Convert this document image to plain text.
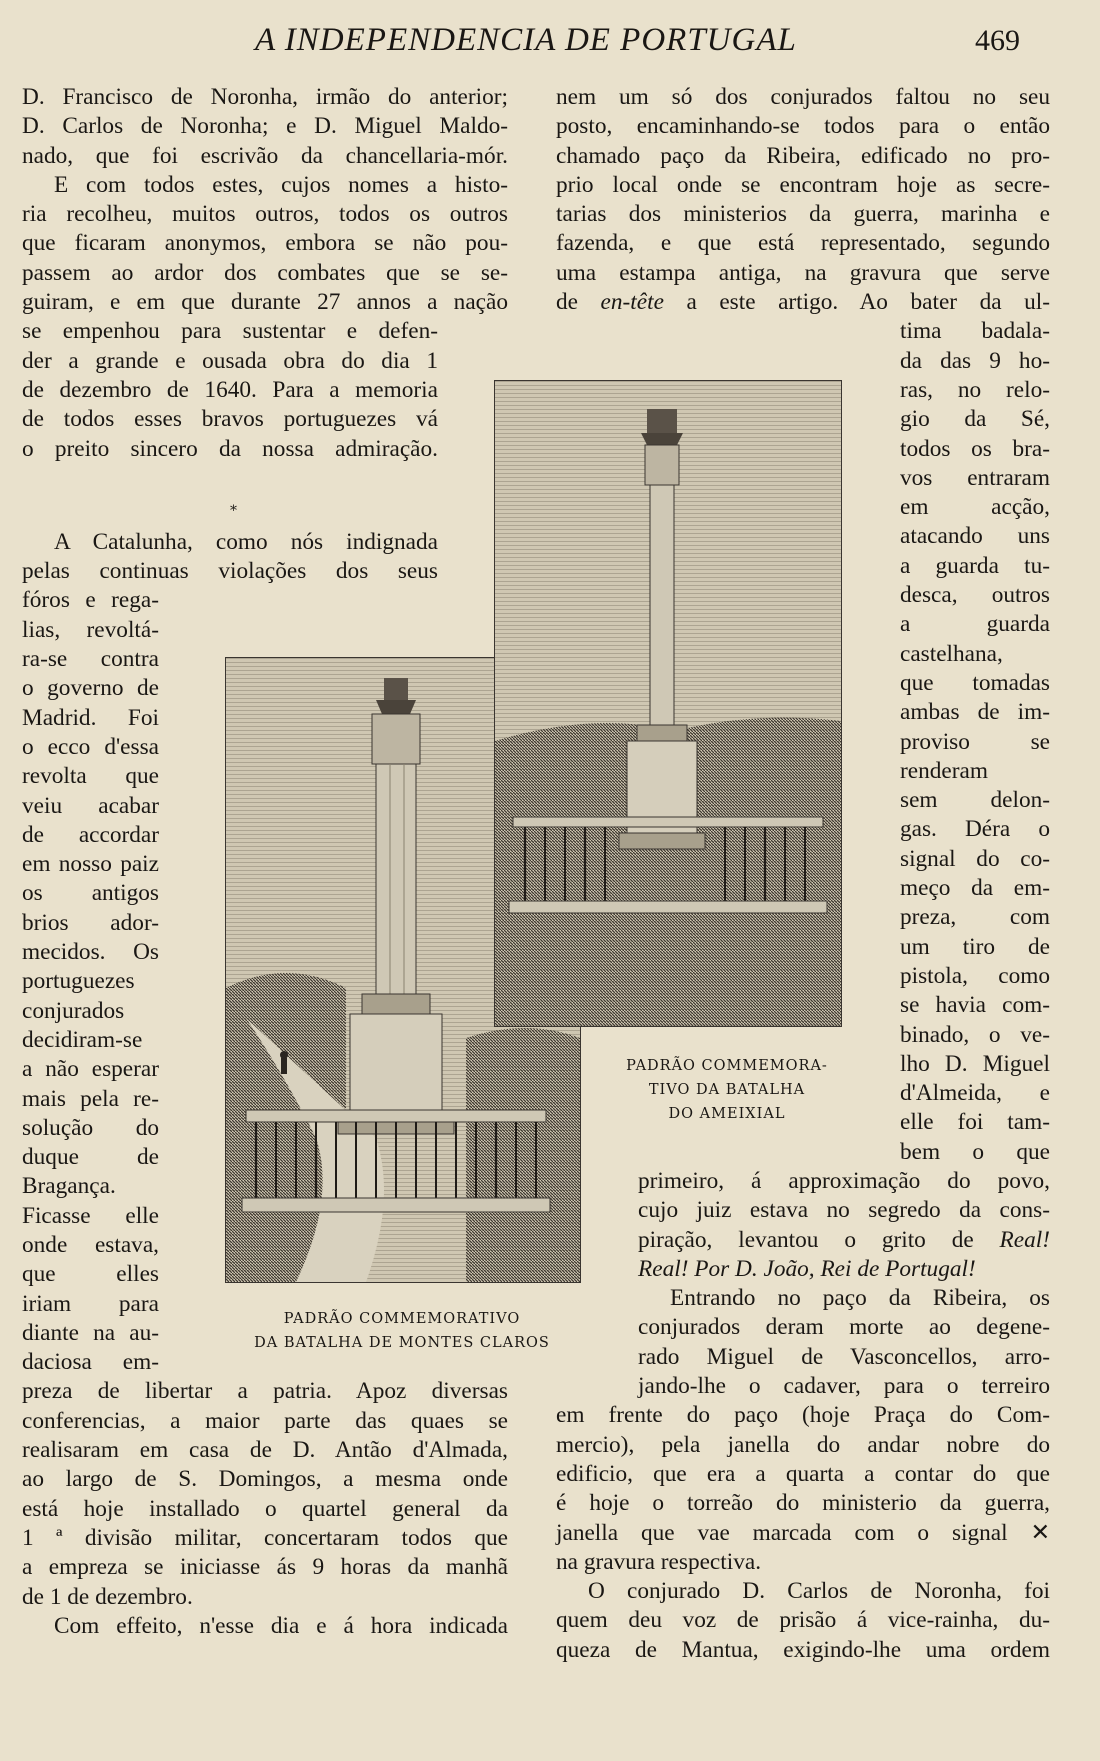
A INDEPENDENCIA DE PORTUGAL	469
D. Francisco de Noronha, irmão do anterior;
D. Carlos de Noronha; e D. Miguel Maldo-
nado, que foi escrivão da chancellaria-mór.
E com todos estes, cujos nomes a histo-
ria recolheu, muitos outros, todos os outros
que ficaram anonymos, embora se não pou-
passem ao ardor dos combates que se se-
guiram, e em que durante 27 annos a nação
se empenhou para sustentar e defen-
der a grande e ousada obra do dia 1
de dezembro de 1640. Para a memoria
de todos esses bravos portuguezes vá
o preito sincero da nossa admiração.
A Catalunha, como nós indignada
pelas continuas violações dos seus
fóros e rega-
lias, revoltá-
ra-se contra
o governo de
Madrid. Foi
o ecco d'essa
revolta que
veiu acabar
de accordar
em nosso paiz
os antigos
brios ador-
mecidos. Os
portuguezes
conjurados
decidiram-se
a não esperar
mais pela re-
solução do
duque de
Bragança.
Ficasse elle
onde estava,
que elles
iriam para
diante na au-
daciosa em-
preza de libertar a patria. Apoz diversas
conferencias, a maior parte das quaes se
realisaram em casa de D. Antão d'Almada,
ao largo de S. Domingos, a mesma onde
está hoje installado o quartel general da
1 ª divisão militar, concertaram todos que
a empreza se iniciasse ás 9 horas da manhã
de 1 de dezembro.
Com effeito, n'esse dia e á hora indicada
*
nem um só dos conjurados faltou no seu
posto, encaminhando-se todos para o então
chamado paço da Ribeira, edificado no pro-
prio local onde se encontram hoje as secre-
tarias dos ministerios da guerra, marinha e
fazenda, e que está representado, segundo
uma estampa antiga, na gravura que serve
de en-tête a este artigo. Ao bater da ul-
tima badala-
da das 9 ho-
ras, no relo-
gio da Sé,
todos os bra-
vos entraram
em acção,
atacando uns
a guarda tu-
desca, outros
a guarda
castelhana,
que tomadas
ambas de im-
proviso se
renderam
sem delon-
gas. Déra o
signal do co-
meço da em-
preza, com
um tiro de
pistola, como
se havia com-
binado, o ve-
lho D. Miguel
d'Almeida, e
elle foi tam-
bem o que
primeiro, á approximação do povo,
cujo juiz estava no segredo da cons-
piração, levantou o grito de Real!
Real! Por D. João, Rei de Portugal!
Entrando no paço da Ribeira, os
conjurados deram morte ao degene-
rado Miguel de Vasconcellos, arro-
jando-lhe o cadaver, para o terreiro
em frente do paço (hoje Praça do Com-
mercio), pela janella do andar nobre do
edificio, que era a quarta a contar do que
é hoje o torreão do ministerio da guerra,
janella que vae marcada com o signal ✕
na gravura respectiva.
O conjurado D. Carlos de Noronha, foi
quem deu voz de prisão á vice-rainha, du-
queza de Mantua, exigindo-lhe uma ordem
PADRÃO COMMEMORATIVO
DA BATALHA DE MONTES CLAROS
PADRÃO COMMEMORA-
TIVO DA BATALHA
DO AMEIXIAL
